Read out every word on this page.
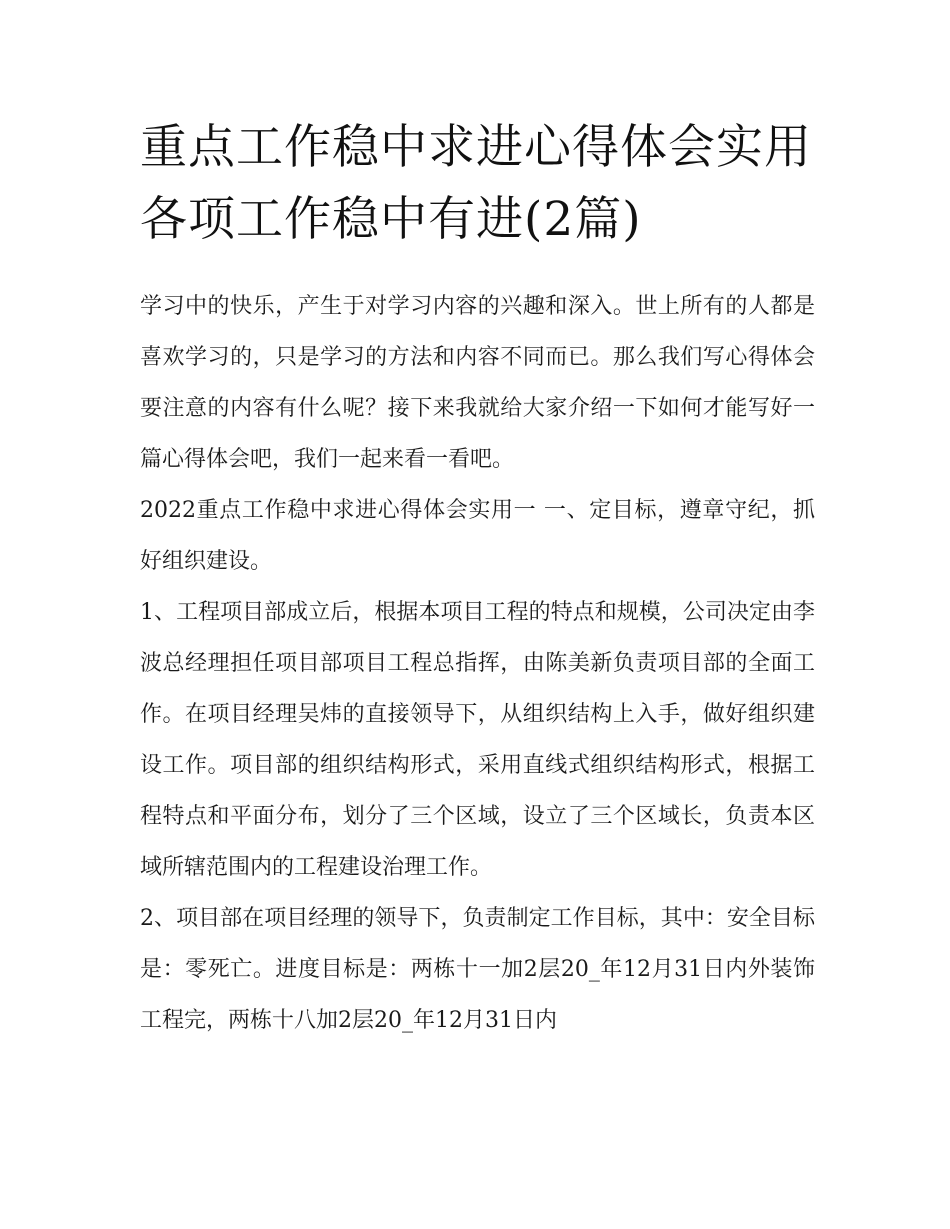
重点工作稳中求进心得体会实用 各项工作稳中有进(2篇)

学习中的快乐，产生于对学习内容的兴趣和深入。世上所有的人都是喜欢学习的，只是学习的方法和内容不同而已。那么我们写心得体会要注意的内容有什么呢？接下来我就给大家介绍一下如何才能写好一篇心得体会吧，我们一起来看一看吧。

2022重点工作稳中求进心得体会实用一 一、定目标，遵章守纪，抓好组织建设。

1、工程项目部成立后，根据本项目工程的特点和规模，公司决定由李波总经理担任项目部项目工程总指挥，由陈美新负责项目部的全面工作。在项目经理吴炜的直接领导下，从组织结构上入手，做好组织建设工作。项目部的组织结构形式，采用直线式组织结构形式，根据工程特点和平面分布，划分了三个区域，设立了三个区域长，负责本区域所辖范围内的工程建设治理工作。

2、项目部在项目经理的领导下，负责制定工作目标，其中：安全目标是：零死亡。进度目标是：两栋十一加2层20_年12月31日内外装饰工程完，两栋十八加2层20_年12月31日内
